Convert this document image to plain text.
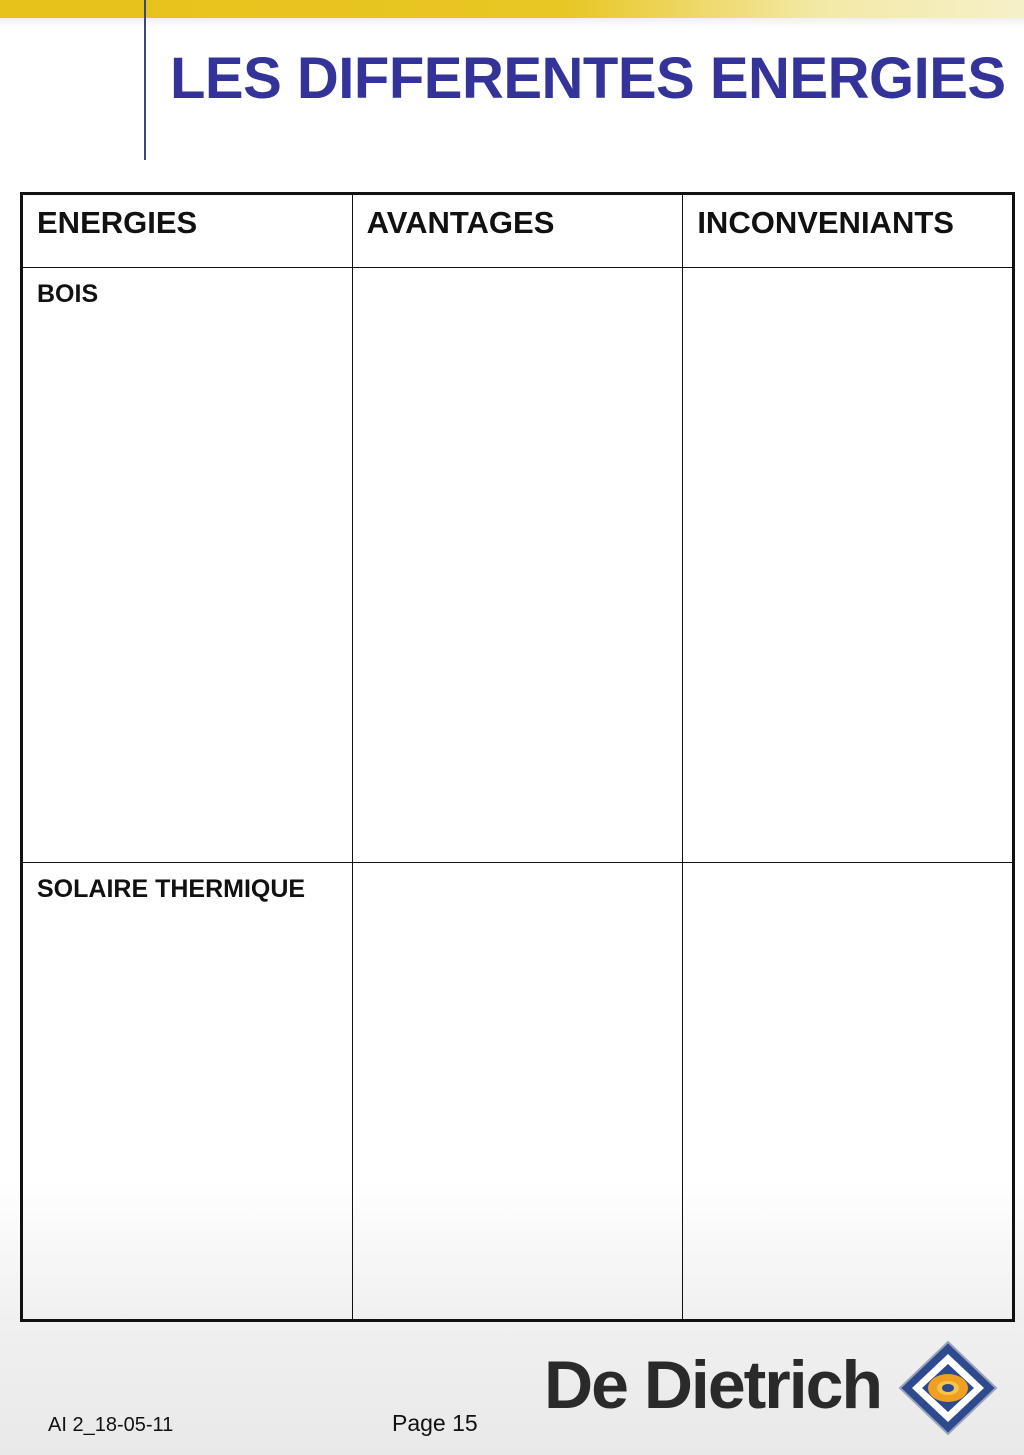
LES DIFFERENTES ENERGIES
ENERGIES	AVANTAGES	INCONVENIANTS
BOIS		
SOLAIRE THERMIQUE		
AI 2_18-05-11	Page 15 De Dietrich
